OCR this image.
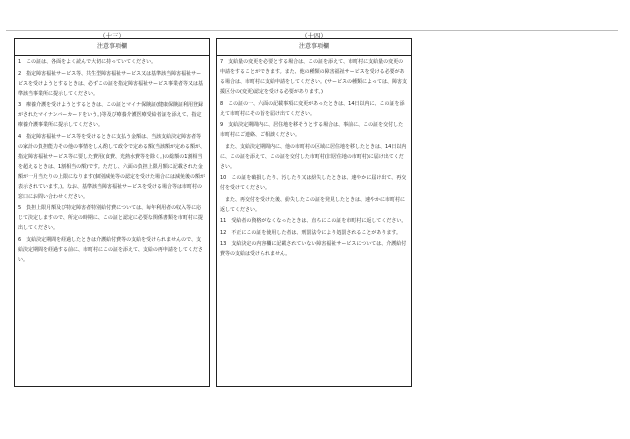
（十三）	（十四）
注意事項欄

1　この証は、各面をよく読んで大切に持っていてください。

2　指定障害福祉サービス等、共生型障害福祉サービス又は基準該当障害福祉サービスを受けようとするときは、必ずこの証を指定障害福祉サービス事業者等又は基準該当事業所に提示してください。

3　療養介護を受けようとするときは、この証とマイナ保険証(健康保険証利用登録がされたマイナンバーカードをいう。)等及び療養介護医療受給者証を添えて、指定療養介護事業所に提示してください。

4　指定障害福祉サービス等を受けるときに支払う金額は、当該支給決定障害者等の家計の負担能力その他の事情をしん酌して政令で定める額(当該額が定める額が、指定障害福祉サービス等に要した費用(食費、光熱水費等を除く。)の総額の1割相当を超えるときは、1割相当の額)です。ただし、六面の負担上限月額に記載された金額が一月当たりの上限になります(個別減免等の認定を受けた場合には減免後の額が表示されています。)。なお、基準該当障害福祉サービスを受ける場合等は市町村の窓口にお問い合わせください。

5　負担上限月額及び特定障害者特別給付費については、毎年利用者の収入等に応じて決定しますので、所定の時期に、この証と認定に必要な関係書類を市町村に提出してください。

6　支給決定期間を経過したときは介護給付費等の支給を受けられませんので、支給決定期間を経過する前に、市町村にこの証を添えて、支給の再申請をしてください。

注意事項欄

7　支給量の変更を必要とする場合は、この証を添えて、市町村に支給量の変更の申請をすることができます。また、他の種類の障害福祉サービスを受ける必要がある場合は、市町村に支給申請をしてください。(サービスの種類によっては、障害支援区分の(変更)認定を受ける必要があります。)

8　この証の一、六面の記載事項に変更があったときは、14日以内に、この証を添えて市町村にその旨を届け出てください。

9　支給決定期間内に、居住地を移そうとする場合は、事前に、この証を交付した市町村にご連絡、ご相談ください。

また、支給決定期間内に、他の市町村の区域に居住地を移したときは、14日以内に、この証を添えて、この証を交付した市町村(旧居住地の市町村)に届け出てください。

10　この証を破損したり、汚したり又は紛失したときは、速やかに届け出て、再交付を受けてください。

また、再交付を受けた後、紛失したこの証を発見したときは、速やかに市町村に返してください。

11　受給者の資格がなくなったときは、直ちにこの証を市町村に返してください。

12　不正にこの証を使用した者は、刑罰法令により処罰されることがあります。

13　支給決定の内容欄に記載されていない障害福祉サービスについては、介護給付費等の支給は受けられません。
